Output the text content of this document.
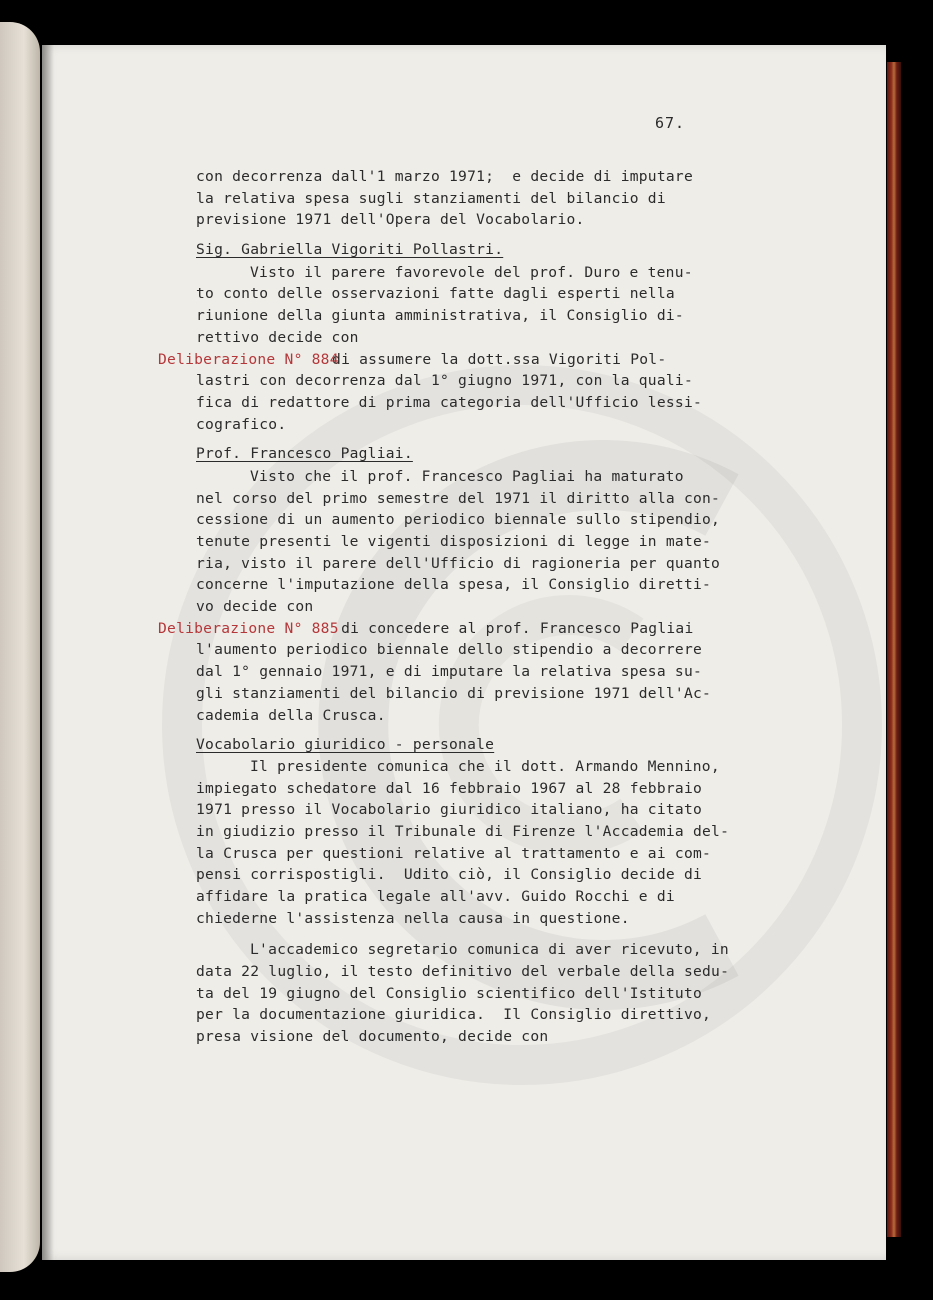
67.
con decorrenza dall'1 marzo 1971;  e decide di imputare
la relativa spesa sugli stanziamenti del bilancio di
previsione 1971 dell'Opera del Vocabolario.
Sig. Gabriella Vigoriti Pollastri.
Visto il parere favorevole del prof. Duro e tenu-
to conto delle osservazioni fatte dagli esperti nella
riunione della giunta amministrativa, il Consiglio di-
rettivo decide con
Deliberazione N° 884
di assumere la dott.ssa Vigoriti Pol-
lastri con decorrenza dal 1° giugno 1971, con la quali-
fica di redattore di prima categoria dell'Ufficio lessi-
cografico.
Prof. Francesco Pagliai.
Visto che il prof. Francesco Pagliai ha maturato
nel corso del primo semestre del 1971 il diritto alla con-
cessione di un aumento periodico biennale sullo stipendio,
tenute presenti le vigenti disposizioni di legge in mate-
ria, visto il parere dell'Ufficio di ragioneria per quanto
concerne l'imputazione della spesa, il Consiglio diretti-
vo decide con
Deliberazione N° 885
di concedere al prof. Francesco Pagliai
l'aumento periodico biennale dello stipendio a decorrere
dal 1° gennaio 1971, e di imputare la relativa spesa su-
gli stanziamenti del bilancio di previsione 1971 dell'Ac-
cademia della Crusca.
Vocabolario giuridico - personale
Il presidente comunica che il dott. Armando Mennino,
impiegato schedatore dal 16 febbraio 1967 al 28 febbraio
1971 presso il Vocabolario giuridico italiano, ha citato
in giudizio presso il Tribunale di Firenze l'Accademia del-
la Crusca per questioni relative al trattamento e ai com-
pensi corrispostigli.  Udito ciò, il Consiglio decide di
affidare la pratica legale all'avv. Guido Rocchi e di
chiederne l'assistenza nella causa in questione.
L'accademico segretario comunica di aver ricevuto, in
data 22 luglio, il testo definitivo del verbale della sedu-
ta del 19 giugno del Consiglio scientifico dell'Istituto
per la documentazione giuridica.  Il Consiglio direttivo,
presa visione del documento, decide con
